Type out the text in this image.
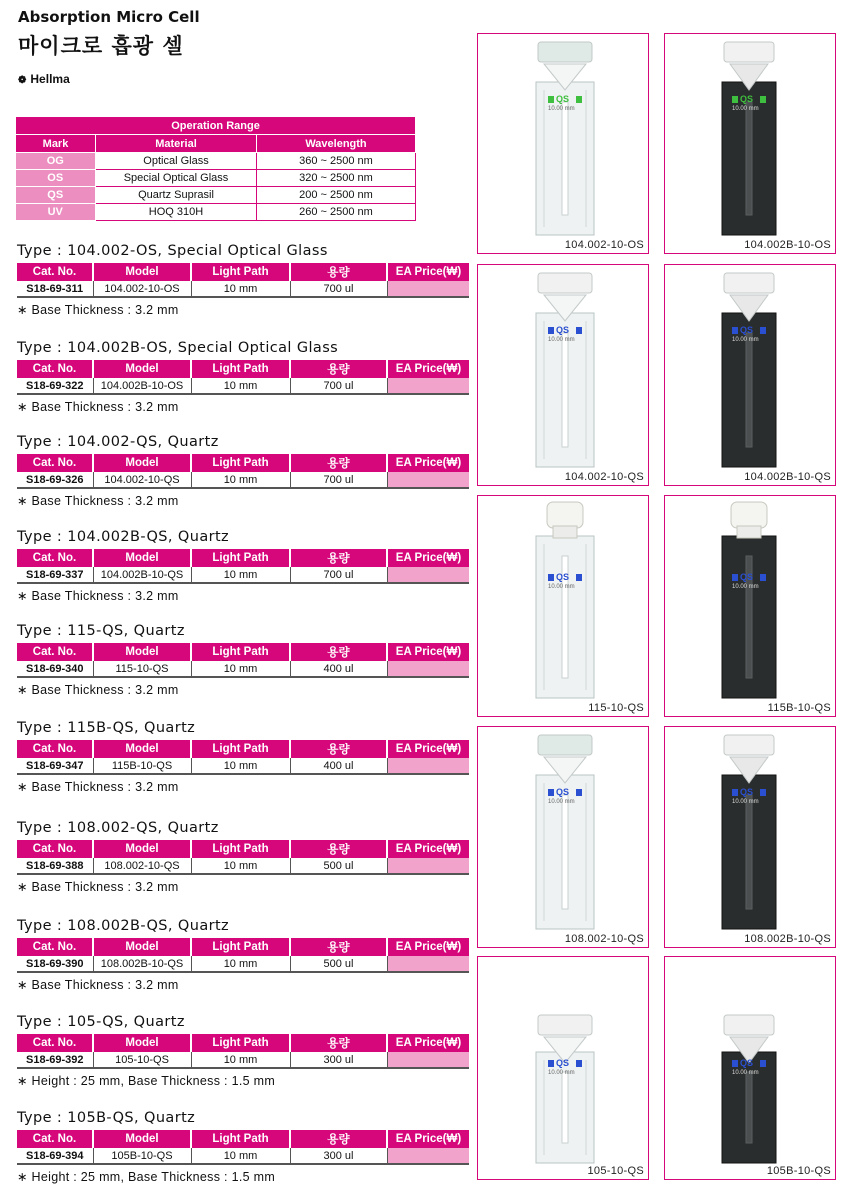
Absorption Micro Cell
마이크로 흡광 셀
❁ Hellma
Operation Range		
Mark	Material	Wavelength
OG	Optical Glass	360 ~ 2500 nm
OS	Special Optical Glass	320 ~ 2500 nm
QS	Quartz Suprasil	200 ~ 2500 nm
UV	HOQ 310H	260 ~ 2500 nm
Type : 104.002-OS, Special Optical Glass
Cat. No.	Model	Light Path	용량	EA Price(₩)
S18-69-311	104.002-10-OS	10 mm	700 ul	
∗ Base Thickness : 3.2 mm
Type : 104.002B-OS, Special Optical Glass
Cat. No.	Model	Light Path	용량	EA Price(₩)
S18-69-322	104.002B-10-OS	10 mm	700 ul	
∗ Base Thickness : 3.2 mm
Type : 104.002-QS, Quartz
Cat. No.	Model	Light Path	용량	EA Price(₩)
S18-69-326	104.002-10-QS	10 mm	700 ul	
∗ Base Thickness : 3.2 mm
Type : 104.002B-QS, Quartz
Cat. No.	Model	Light Path	용량	EA Price(₩)
S18-69-337	104.002B-10-QS	10 mm	700 ul	
∗ Base Thickness : 3.2 mm
Type : 115-QS, Quartz
Cat. No.	Model	Light Path	용량	EA Price(₩)
S18-69-340	115-10-QS	10 mm	400 ul	
∗ Base Thickness : 3.2 mm
Type : 115B-QS, Quartz
Cat. No.	Model	Light Path	용량	EA Price(₩)
S18-69-347	115B-10-QS	10 mm	400 ul	
∗ Base Thickness : 3.2 mm
Type : 108.002-QS, Quartz
Cat. No.	Model	Light Path	용량	EA Price(₩)
S18-69-388	108.002-10-QS	10 mm	500 ul	
∗ Base Thickness : 3.2 mm
Type : 108.002B-QS, Quartz
Cat. No.	Model	Light Path	용량	EA Price(₩)
S18-69-390	108.002B-10-QS	10 mm	500 ul	
∗ Base Thickness : 3.2 mm
Type : 105-QS, Quartz
Cat. No.	Model	Light Path	용량	EA Price(₩)
S18-69-392	105-10-QS	10 mm	300 ul	
∗ Height : 25 mm, Base Thickness : 1.5 mm
Type : 105B-QS, Quartz
Cat. No.	Model	Light Path	용량	EA Price(₩)
S18-69-394	105B-10-QS	10 mm	300 ul	
∗ Height : 25 mm, Base Thickness : 1.5 mm
QS
10.00 mm
104.002-10-OS
QS
10.00 mm
104.002B-10-OS
QS
10.00 mm
104.002-10-QS
QS
10.00 mm
104.002B-10-QS
QS
10.00 mm
115-10-QS
QS
10.00 mm
115B-10-QS
QS
10.00 mm
108.002-10-QS
QS
10.00 mm
108.002B-10-QS
QS
10.00 mm
105-10-QS
QS
10.00 mm
105B-10-QS
